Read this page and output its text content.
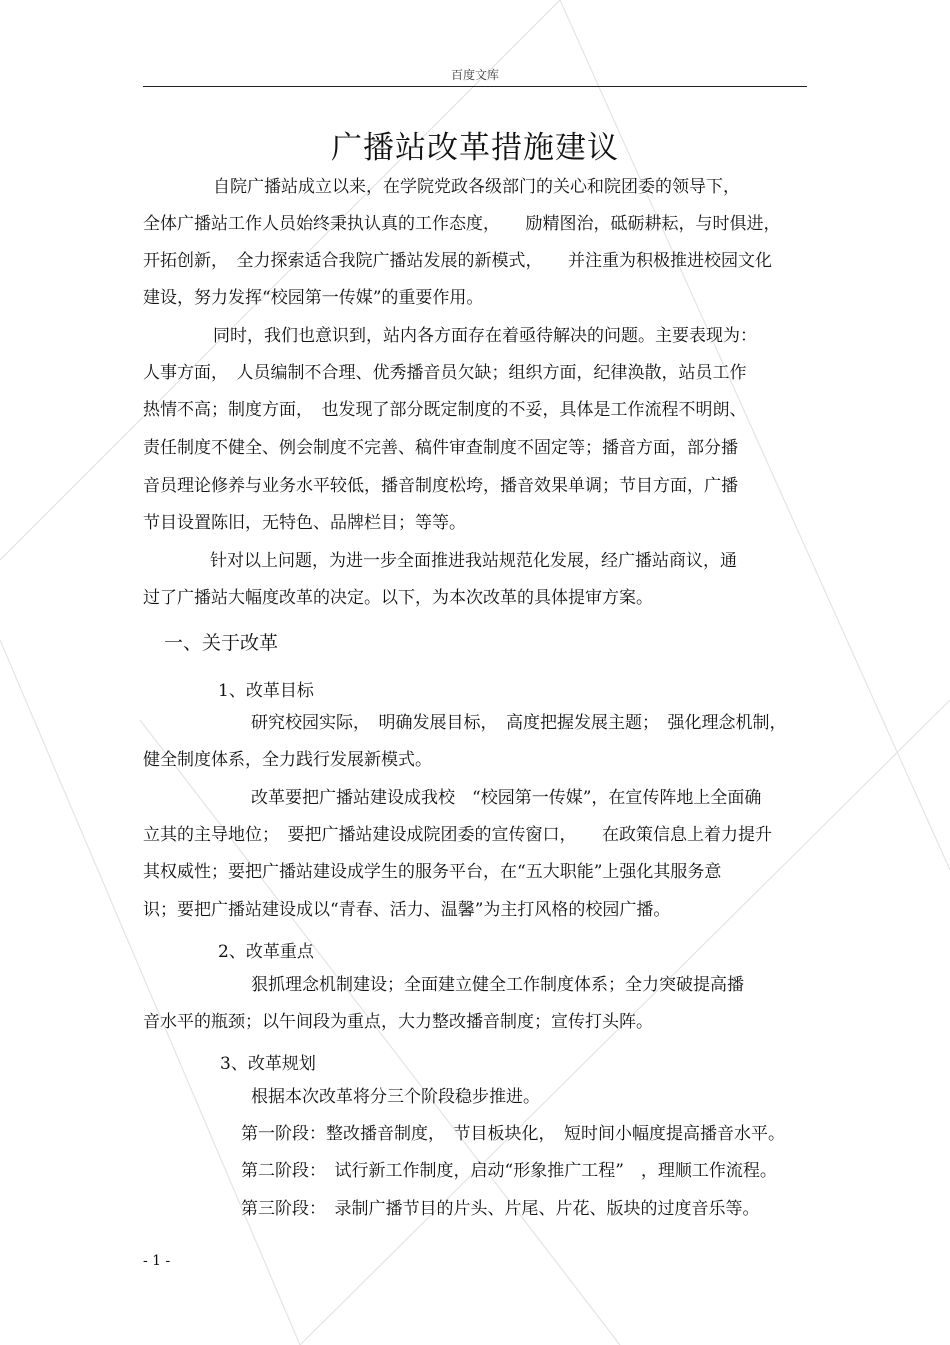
百度文库
广播站改革措施建议
自院广播站成立以来，在学院党政各级部门的关心和院团委的领导下，
全体广播站工作人员始终秉执认真的工作态度，　　励精图治，砥砺耕耘，与时俱进，
开拓创新，　全力探索适合我院广播站发展的新模式，　　并注重为积极推进校园文化
建设，努力发挥“校园第一传媒”的重要作用。
同时，我们也意识到，站内各方面存在着亟待解决的问题。主要表现为：
人事方面，　人员编制不合理、优秀播音员欠缺；组织方面，纪律涣散，站员工作
热情不高；制度方面，　也发现了部分既定制度的不妥，具体是工作流程不明朗、
责任制度不健全、例会制度不完善、稿件审查制度不固定等；播音方面，部分播
音员理论修养与业务水平较低，播音制度松垮，播音效果单调；节目方面，广播
节目设置陈旧，无特色、品牌栏目；等等。
针对以上问题，为进一步全面推进我站规范化发展，经广播站商议，通
过了广播站大幅度改革的决定。以下，为本次改革的具体提审方案。
一、关于改革
1、改革目标
研究校园实际，　明确发展目标，　高度把握发展主题；　强化理念机制，
健全制度体系，全力践行发展新模式。
改革要把广播站建设成我校　“校园第一传媒”，在宣传阵地上全面确
立其的主导地位；　要把广播站建设成院团委的宣传窗口，　　在政策信息上着力提升
其权威性；要把广播站建设成学生的服务平台，在“五大职能”上强化其服务意
识；要把广播站建设成以“青春、活力、温馨”为主打风格的校园广播。
2、改革重点
狠抓理念机制建设；全面建立健全工作制度体系；全力突破提高播
音水平的瓶颈；以午间段为重点，大力整改播音制度；宣传打头阵。
3、改革规划
根据本次改革将分三个阶段稳步推进。
第一阶段：整改播音制度，　节目板块化，　短时间小幅度提高播音水平。
第二阶段：　试行新工作制度，启动“形象推广工程”　，理顺工作流程。
第三阶段：　录制广播节目的片头、片尾、片花、版块的过度音乐等。
- 1 -
